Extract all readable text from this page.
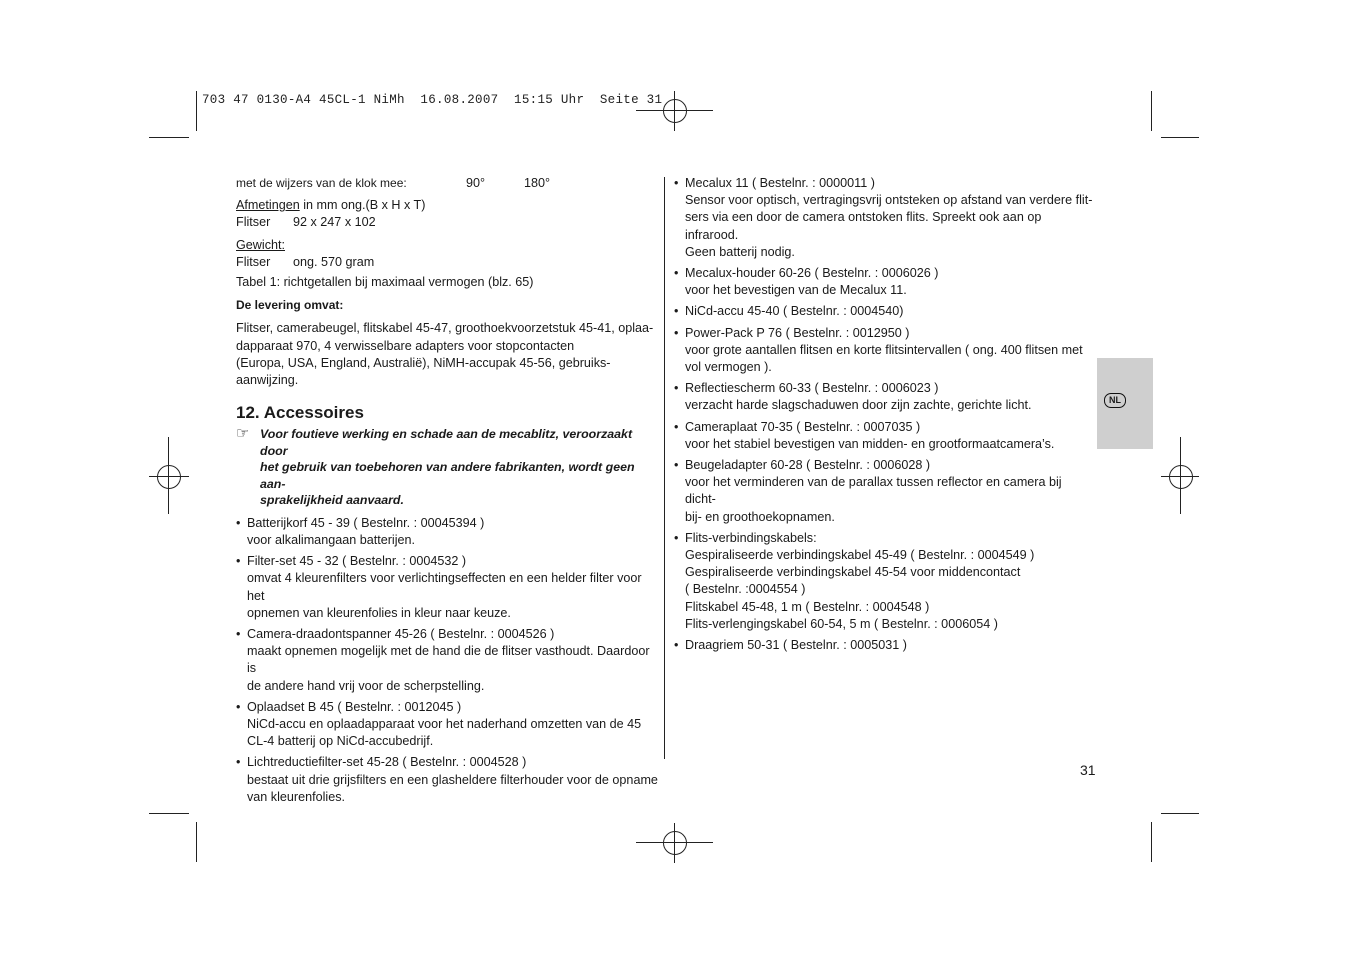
703 47 0130-A4 45CL-1 NiMh  16.08.2007  15:15 Uhr  Seite 31
met de wijzers van de klok mee:	90°	180°

Afmetingen in mm ong.(B x H x T)

Flitser 92 x 247 x 102

Gewicht:

Flitser ong. 570 gram

Tabel 1: richtgetallen bij maximaal vermogen (blz. 65)

De levering omvat:

Flitser, camerabeugel, flitskabel 45-47, groothoekvoorzetstuk 45-41, oplaa-

dapparaat 970, 4 verwisselbare adapters voor stopcontacten

(Europa, USA, England, Australië), NiMH-accupak 45-56, gebruiks-

aanwijzing.

12. Accessoires

☞ Voor foutieve werking en schade aan de mecablitz, veroorzaakt door

het gebruik van toebehoren van andere fabrikanten, wordt geen aan-

sprakelijkheid aanvaard.

• Batterijkorf 45 - 39 ( Bestelnr. : 00045394 )

voor alkalimangaan batterijen.

• Filter-set 45 - 32 ( Bestelnr. : 0004532 )

omvat 4 kleurenfilters voor verlichtingseffecten en een helder filter voor het

opnemen van kleurenfolies in kleur naar keuze.

• Camera-draadontspanner 45-26 ( Bestelnr. : 0004526 )

maakt opnemen mogelijk met de hand die de flitser vasthoudt. Daardoor is

de andere hand vrij voor de scherpstelling.

• Oplaadset B 45 ( Bestelnr. : 0012045 )

NiCd-accu en oplaadapparaat voor het naderhand omzetten van de 45

CL-4 batterij op NiCd-accubedrijf.

• Lichtreductiefilter-set 45-28 ( Bestelnr. : 0004528 )

bestaat uit drie grijsfilters en een glasheldere filterhouder voor de opname

van kleurenfolies.

• Mecalux 11 ( Bestelnr. : 0000011 )

Sensor voor optisch, vertragingsvrij ontsteken op afstand van verdere flit-

sers via een door de camera ontstoken flits. Spreekt ook aan op infrarood.

Geen batterij nodig.

• Mecalux-houder 60-26 ( Bestelnr. : 0006026 )

voor het bevestigen van de Mecalux 11.

• NiCd-accu 45-40 ( Bestelnr. : 0004540)

• Power-Pack P 76 ( Bestelnr. : 0012950 )

voor grote aantallen flitsen en korte flitsintervallen ( ong. 400 flitsen met

vol vermogen ).

• Reflectiescherm 60-33 ( Bestelnr. : 0006023 )

verzacht harde slagschaduwen door zijn zachte, gerichte licht.

• Cameraplaat 70-35 ( Bestelnr. : 0007035 )

voor het stabiel bevestigen van midden- en grootformaatcamera’s.

• Beugeladapter 60-28 ( Bestelnr. : 0006028 )

voor het verminderen van de parallax tussen reflector en camera bij dicht-

bij- en groothoekopnamen.

• Flits-verbindingskabels:

Gespiraliseerde verbindingskabel 45-49 ( Bestelnr. : 0004549 )

Gespiraliseerde verbindingskabel 45-54 voor middencontact

( Bestelnr. :0004554 )

Flitskabel 45-48, 1 m ( Bestelnr. : 0004548 )

Flits-verlengingskabel 60-54, 5 m ( Bestelnr. : 0006054 )

• Draagriem 50-31 ( Bestelnr. : 0005031 )

NL
31
